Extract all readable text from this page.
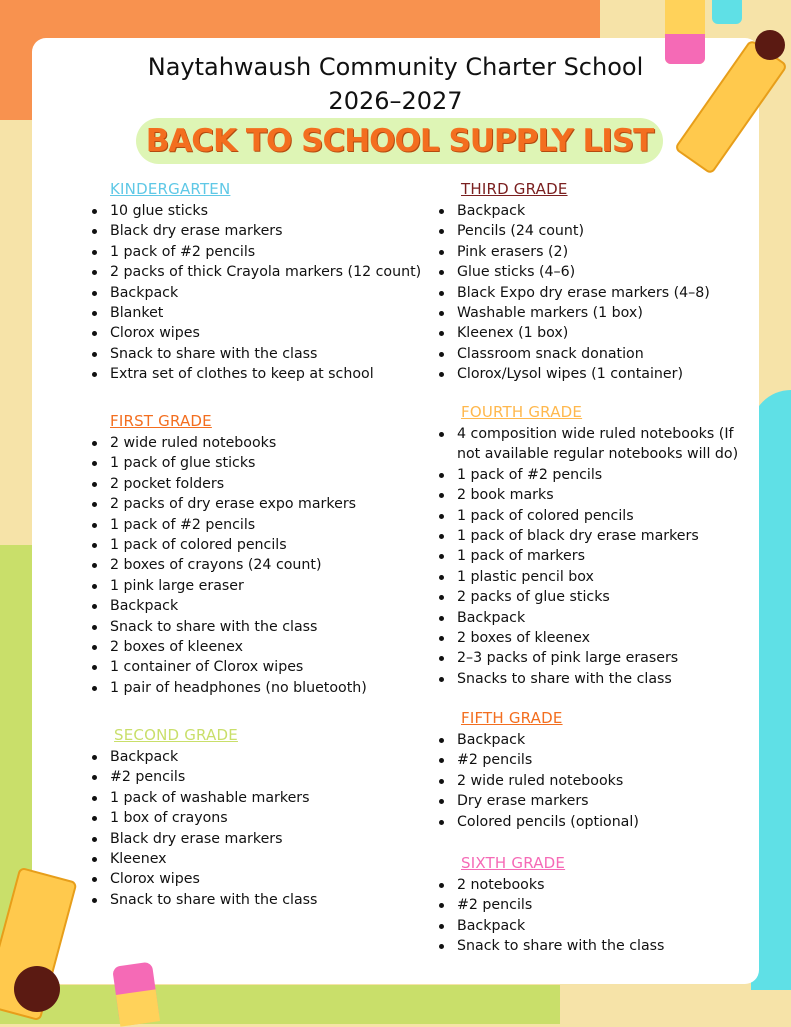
Naytahwaush Community Charter School
2026–2027
BACK TO SCHOOL SUPPLY LIST
KINDERGARTEN
10 glue sticks
Black dry erase markers
1 pack of #2 pencils
2 packs of thick Crayola markers (12 count)
Backpack
Blanket
Clorox wipes
Snack to share with the class
Extra set of clothes to keep at school
FIRST GRADE
2 wide ruled notebooks
1 pack of glue sticks
2 pocket folders
2 packs of dry erase expo markers
1 pack of #2 pencils
1 pack of colored pencils
2 boxes of crayons (24 count)
1 pink large eraser
Backpack
Snack to share with the class
2 boxes of kleenex
1 container of Clorox wipes
1 pair of headphones (no bluetooth)
SECOND GRADE
Backpack
#2 pencils
1 pack of washable markers
1 box of crayons
Black dry erase markers
Kleenex
Clorox wipes
Snack to share with the class
THIRD GRADE
Backpack
Pencils (24 count)
Pink erasers (2)
Glue sticks (4–6)
Black Expo dry erase markers (4–8)
Washable markers (1 box)
Kleenex (1 box)
Classroom snack donation
Clorox/Lysol wipes (1 container)
FOURTH GRADE
4 composition wide ruled notebooks (If not available regular notebooks will do)
1 pack of #2 pencils
2 book marks
1 pack of colored pencils
1 pack of black dry erase markers
1 pack of markers
1 plastic pencil box
2 packs of glue sticks
Backpack
2 boxes of kleenex
2–3 packs of pink large erasers
Snacks to share with the class
FIFTH GRADE
Backpack
#2 pencils
2 wide ruled notebooks
Dry erase markers
Colored pencils (optional)
SIXTH GRADE
2 notebooks
#2 pencils
Backpack
Snack to share with the class
